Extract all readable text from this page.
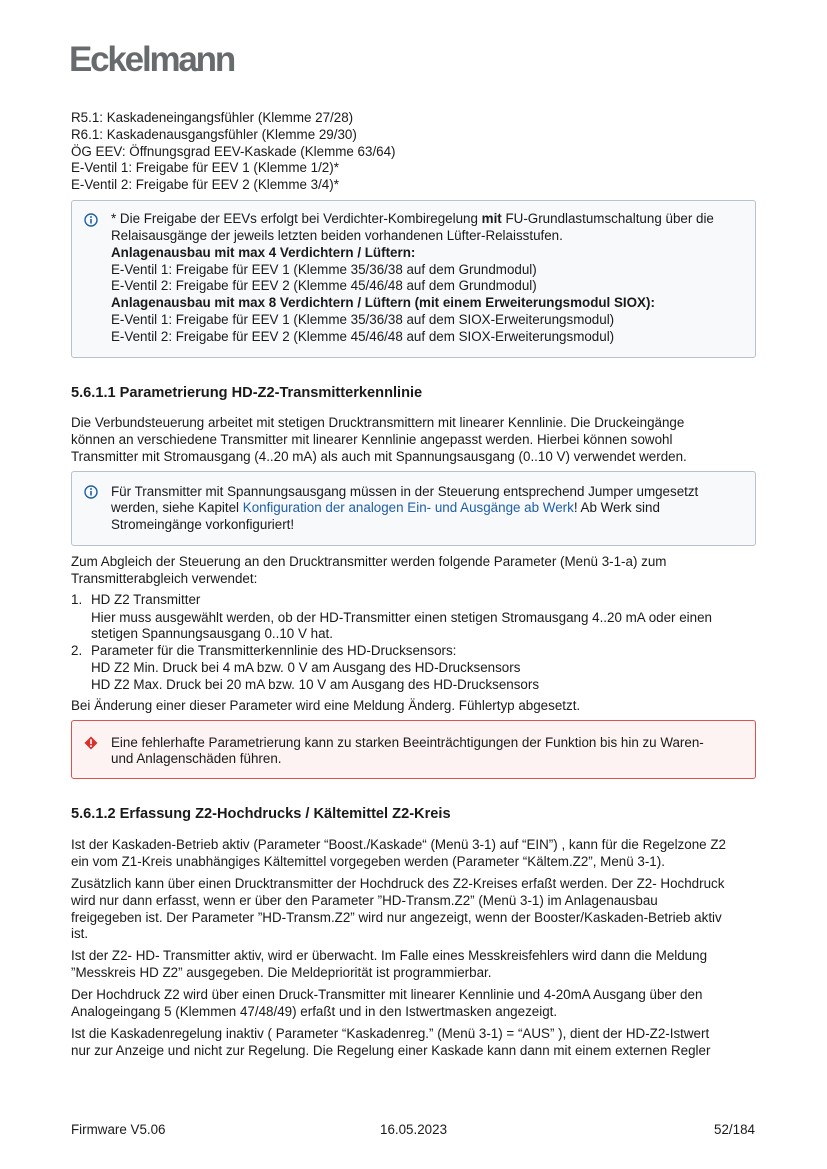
Eckelmann
R5.1: Kaskadeneingangsfühler (Klemme 27/28)
R6.1: Kaskadenausgangsfühler (Klemme 29/30)
ÖG EEV: Öffnungsgrad EEV-Kaskade (Klemme 63/64)
E-Ventil 1: Freigabe für EEV 1 (Klemme 1/2)*
E-Ventil 2: Freigabe für EEV 2 (Klemme 3/4)*
* Die Freigabe der EEVs erfolgt bei Verdichter-Kombiregelung mit FU-Grundlastumschaltung über die
Relaisausgänge der jeweils letzten beiden vorhandenen Lüfter-Relaisstufen.
Anlagenausbau mit max 4 Verdichtern / Lüftern:
E-Ventil 1: Freigabe für EEV 1 (Klemme 35/36/38 auf dem Grundmodul)
E-Ventil 2: Freigabe für EEV 2 (Klemme 45/46/48 auf dem Grundmodul)
Anlagenausbau mit max 8 Verdichtern / Lüftern (mit einem Erweiterungsmodul SIOX):
E-Ventil 1: Freigabe für EEV 1 (Klemme 35/36/38 auf dem SIOX-Erweiterungsmodul)
E-Ventil 2: Freigabe für EEV 2 (Klemme 45/46/48 auf dem SIOX-Erweiterungsmodul)
5.6.1.1 Parametrierung HD-Z2-Transmitterkennlinie
Die Verbundsteuerung arbeitet mit stetigen Drucktransmittern mit linearer Kennlinie. Die Druckeingänge
können an verschiedene Transmitter mit linearer Kennlinie angepasst werden. Hierbei können sowohl
Transmitter mit Stromausgang (4..20 mA) als auch mit Spannungsausgang (0..10 V) verwendet werden.
Für Transmitter mit Spannungsausgang müssen in der Steuerung entsprechend Jumper umgesetzt
werden, siehe Kapitel Konfiguration der analogen Ein- und Ausgänge ab Werk! Ab Werk sind
Stromeingänge vorkonfiguriert!
Zum Abgleich der Steuerung an den Drucktransmitter werden folgende Parameter (Menü 3-1-a) zum
Transmitterabgleich verwendet:
1. HD Z2 Transmitter
Hier muss ausgewählt werden, ob der HD-Transmitter einen stetigen Stromausgang 4..20 mA oder einen
stetigen Spannungsausgang 0..10 V hat.
2. Parameter für die Transmitterkennlinie des HD-Drucksensors:
HD Z2 Min. Druck bei 4 mA bzw. 0 V am Ausgang des HD-Drucksensors
HD Z2 Max. Druck bei 20 mA bzw. 10 V am Ausgang des HD-Drucksensors
Bei Änderung einer dieser Parameter wird eine Meldung Änderg. Fühlertyp abgesetzt.
Eine fehlerhafte Parametrierung kann zu starken Beeinträchtigungen der Funktion bis hin zu Waren-
und Anlagenschäden führen.
5.6.1.2 Erfassung Z2-Hochdrucks / Kältemittel Z2-Kreis
Ist der Kaskaden-Betrieb aktiv (Parameter “Boost./Kaskade“ (Menü 3-1) auf “EIN”) , kann für die Regelzone Z2
ein vom Z1-Kreis unabhängiges Kältemittel vorgegeben werden (Parameter “Kältem.Z2”, Menü 3-1).
Zusätzlich kann über einen Drucktransmitter der Hochdruck des Z2-Kreises erfaßt werden. Der Z2- Hochdruck
wird nur dann erfasst, wenn er über den Parameter ”HD-Transm.Z2” (Menü 3-1) im Anlagenausbau
freigegeben ist. Der Parameter ”HD-Transm.Z2” wird nur angezeigt, wenn der Booster/Kaskaden-Betrieb aktiv
ist.
Ist der Z2- HD- Transmitter aktiv, wird er überwacht. Im Falle eines Messkreisfehlers wird dann die Meldung
”Messkreis HD Z2” ausgegeben. Die Meldepriorität ist programmierbar.
Der Hochdruck Z2 wird über einen Druck-Transmitter mit linearer Kennlinie und 4-20mA Ausgang über den
Analogeingang 5 (Klemmen 47/48/49) erfaßt und in den Istwertmasken angezeigt.
Ist die Kaskadenregelung inaktiv ( Parameter “Kaskadenreg.” (Menü 3-1) = “AUS” ), dient der HD-Z2-Istwert
nur zur Anzeige und nicht zur Regelung. Die Regelung einer Kaskade kann dann mit einem externen Regler
Firmware V5.06	16.05.2023	52/184
